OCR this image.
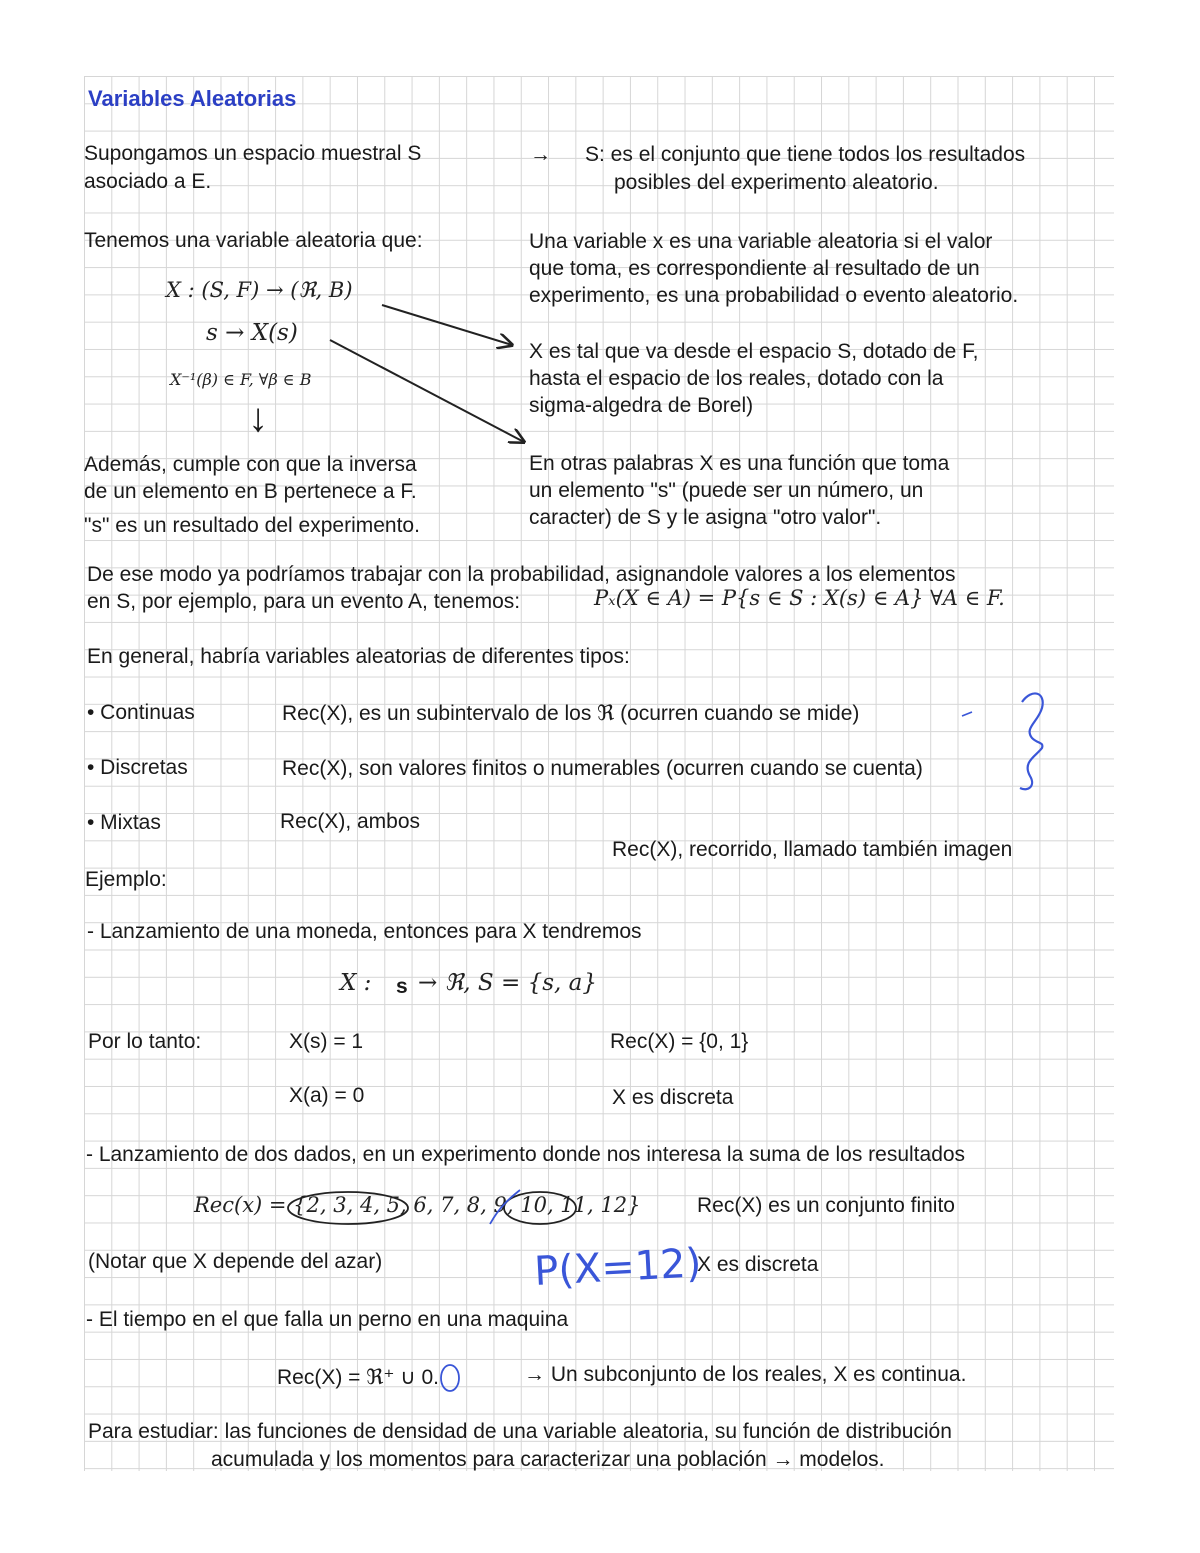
Variables Aleatorias
Supongamos un espacio muestral S
asociado a E.
→ S: es el conjunto que tiene todos los resultados
posibles del experimento aleatorio.
Tenemos una variable aleatoria que:
X : (S, F) → (ℜ, B)
s → X(s)
X⁻¹(β) ∈ F, ∀β ∈ B
↓
Una variable x es una variable aleatoria si el valor
que toma, es correspondiente al resultado de un
experimento, es una probabilidad o evento aleatorio.
X es tal que va desde el espacio S, dotado de F,
hasta el espacio de los reales, dotado con la
sigma-algedra de Borel)
Además, cumple con que la inversa
de un elemento en B pertenece a F.
"s" es un resultado del experimento.
En otras palabras X es una función que toma
un elemento "s" (puede ser un número, un
caracter) de S y le asigna "otro valor".
De ese modo ya podríamos trabajar con la probabilidad, asignandole valores a los elementos
en S, por ejemplo, para un evento A, tenemos:	Pₓ(X ∈ A) = P{s ∈ S : X(s) ∈ A} ∀A ∈ F.
En general, habría variables aleatorias de diferentes tipos:
• Continuas	Rec(X), es un subintervalo de los ℜ (ocurren cuando se mide)
• Discretas	Rec(X), son valores finitos o numerables (ocurren cuando se cuenta)
• Mixtas	Rec(X), ambos
Rec(X), recorrido, llamado también imagen
Ejemplo:
- Lanzamiento de una moneda, entonces para X tendremos
X : s → ℜ, S = {s, a}
Por lo tanto:	X(s) = 1	Rec(X) = {0, 1}
X(a) = 0	X es discreta
- Lanzamiento de dos dados, en un experimento donde nos interesa la suma de los resultados
Rec(x) = {2, 3, 4, 5, 6, 7, 8, 9, 10, 11, 12}	Rec(X) es un conjunto finito
(Notar que X depende del azar)	X es discreta
- El tiempo en el que falla un perno en una maquina
Rec(X) = ℜ⁺ ∪ 0.	→ Un subconjunto de los reales, X es continua.
Para estudiar: las funciones de densidad de una variable aleatoria, su función de distribución
acumulada y los momentos para caracterizar una población → modelos.
P(X=12)
